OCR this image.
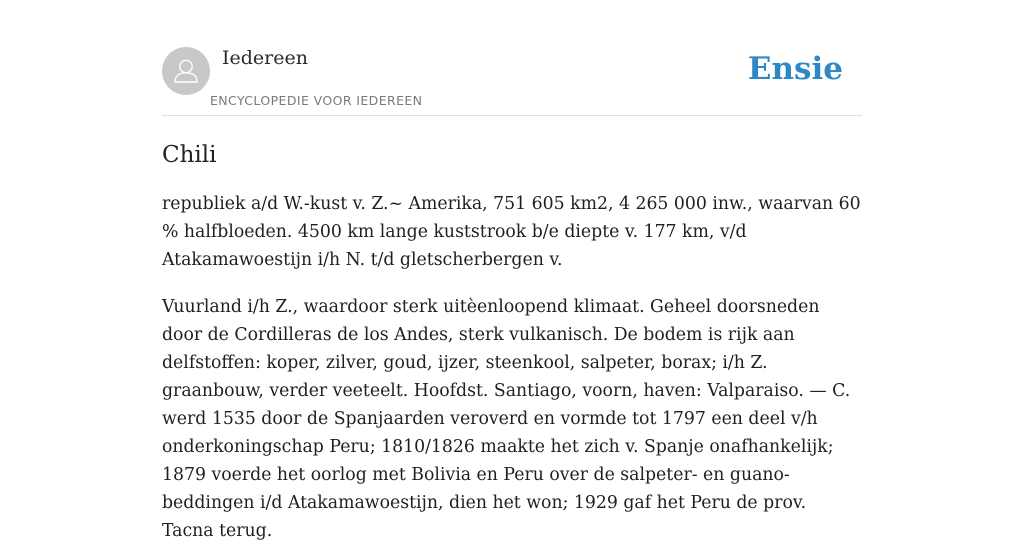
Iedereen
ENCYCLOPEDIE VOOR IEDEREEN
Ensie
Chili

republiek a/d W.-kust v. Z.~ Amerika, 751 605 km2, 4 265 000 inw., waarvan 60 % halfbloeden. 4500 km lange kuststrook b/e diepte v. 177 km, v/d Atakamawoestijn i/h N. t/d gletscherbergen v.

Vuurland i/h Z., waardoor sterk uitèenloopend klimaat. Geheel doorsneden door de Cordilleras de los Andes, sterk vulkanisch. De bodem is rijk aan delfstoffen: koper, zilver, goud, ijzer, steenkool, salpeter, borax; i/h Z. graanbouw, verder veeteelt. Hoofdst. Santiago, voorn, haven: Valparaiso. — C. werd 1535 door de Spanjaarden veroverd en vormde tot 1797 een deel v/h onderkoningschap Peru; 1810/1826 maakte het zich v. Spanje onafhankelijk; 1879 voerde het oorlog met Bolivia en Peru over de salpeter- en guano-beddingen i/d Atakamawoestijn, dien het won; 1929 gaf het Peru de prov. Tacna terug.
